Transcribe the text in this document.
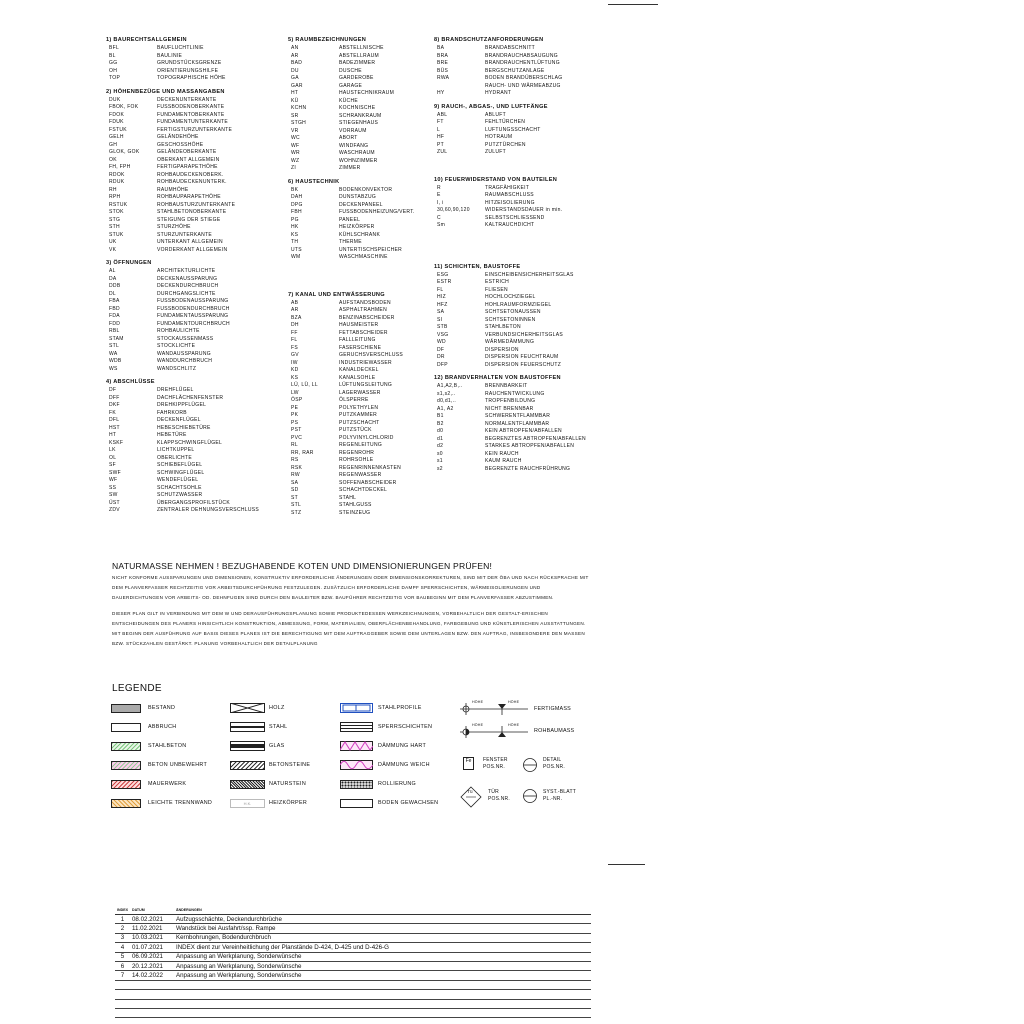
1) BAURECHTSALLGEMEIN
BFL	BAUFLUCHTLINIE
BL	BAULINIE
GG	GRUNDSTÜCKSGRENZE
OH	ORIENTIERUNGSHILFE
TOP	TOPOGRAPHISCHE HÖHE
2) HÖHENBEZÜGE UND MASSANGABEN
DUK	DECKENUNTERKANTE
FBOK, FOK	FUSSBODENOBERKANTE
FDOK	FUNDAMENTOBERKANTE
FDUK	FUNDAMENTUNTERKANTE
FSTUK	FERTIGSTURZUNTERKANTE
GELH	GELÄNDEHÖHE
GH	GESCHOSSHÖHE
GLOK, GOK	GELÄNDEOBERKANTE
OK	OBERKANT ALLGEMEIN
FH, FPH	FERTIGPARAPETHÖHE
RDOK	ROHBAUDECKENOBERK.
RDUK	ROHBAUDECKENUNTERK.
RH	RAUMHÖHE
RPH	ROHBAUPARAPETHÖHE
RSTUK	ROHBAUSTURZUNTERKANTE
STOK	STAHLBETONOBERKANTE
STG	STEIGUNG DER STIEGE
STH	STURZHÖHE
STUK	STURZUNTERKANTE
UK	UNTERKANT ALLGEMEIN
VK	VORDERKANT ALLGEMEIN
3) ÖFFNUNGEN
AL	ARCHITEKTURLICHTE
DA	DECKENAUSSPARUNG
DDB	DECKENDURCHBRUCH
DL	DURCHGANGSLICHTE
FBA	FUSSBODENAUSSPARUNG
FBD	FUSSBODENDURCHBRUCH
FDA	FUNDAMENTAUSSPARUNG
FDD	FUNDAMENTDURCHBRUCH
RBL	ROHBAULICHTE
STAM	STOCKAUSSENMASS
STL	STOCKLICHTE
WA	WANDAUSSPARUNG
WDB	WANDDURCHBRUCH
WS	WANDSCHLITZ
4) ABSCHLÜSSE
DF	DREHFLÜGEL
DFF	DACHFLÄCHENFENSTER
DKF	DREHKIPPFLÜGEL
FK	FAHRKORB
DFL	DECKENFLÜGEL
HST	HEBESCHIEBETÜRE
HT	HEBETÜRE
KSKF	KLAPPSCHWINGFLÜGEL
LK	LICHTKUPPEL
OL	OBERLICHTE
SF	SCHIEBEFLÜGEL
SWF	SCHWINGFLÜGEL
WF	WENDEFLÜGEL
SS	SCHACHTSOHLE
SW	SCHUTZWASSER
ÜST	ÜBERGANGSPROFILSTÜCK
ZDV	ZENTRALER DEHNUNGSVERSCHLUSS
5) RAUMBEZEICHNUNGEN
AN	ABSTELLNISCHE
AR	ABSTELLRAUM
BAD	BADEZIMMER
DU	DUSCHE
GA	GARDEROBE
GAR	GARAGE
HT	HAUSTECHNIKRAUM
KÜ	KÜCHE
KCHN	KOCHNISCHE
SR	SCHRANKRAUM
STGH	STIEGENHAUS
VR	VORRAUM
WC	ABORT
WF	WINDFANG
WR	WASCHRAUM
WZ	WOHNZIMMER
ZI	ZIMMER
6) HAUSTECHNIK
BK	BODENKONVEKTOR
DAH	DUNSTABZUG
DPG	DECKENPANEEL
FBH	FUSSBODENHEIZUNG/VERT.
PG	PANEEL
HK	HEIZKÖRPER
KS	KÜHLSCHRANK
TH	THERME
UTS	UNTERTISCHSPEICHER
WM	WASCHMASCHINE
7) KANAL UND ENTWÄSSERUNG
AB	AUFSTANDSBODEN
AR	ASPHALTRAHMEN
BZA	BENZINABSCHEIDER
DH	HAUSMEISTER
FF	FETTABSCHEIDER
FL	FALLLEITUNG
FS	FASERSCHIENE
GV	GERUCHSVERSCHLUSS
IW	INDUSTRIEWASSER
KD	KANALDECKEL
KS	KANALSOHLE
LÜ, LÜ, LL	LÜFTUNGSLEITUNG
LW	LAGERWASSER
ÖSP	ÖLSPERRE
PE	POLYETHYLEN
PK	PUTZKAMMER
PS	PUTZSCHACHT
PST	PUTZSTÜCK
PVC	POLYVINYLCHLORID
RL	REGENLEITUNG
RR, RAR	REGENROHR
RS	ROHRSOHLE
RSK	REGENRINNENKASTEN
RW	REGENWASSER
SA	SOFFENABSCHEIDER
SD	SCHACHTDECKEL
ST	STAHL
STL	STAHLGUSS
STZ	STEINZEUG
8) BRANDSCHUTZANFORDERUNGEN
BA	BRANDABSCHNITT
BRA	BRANDRAUCHABSAUGUNG
BRE	BRANDRAUCHENTLÜFTUNG
BÜS	BERGSCHUTZANLAGE
RWA	BODEN BRANDÜBERSCHLAG
	RAUCH- UND WÄRMEABZUG
HY	HYDRANT
9) RAUCH-, ABGAS-, UND LUFTFÄNGE
ABL	ABLUFT
FT	FEHLTÜRCHEN
L	LUFTUNGSSCHACHT
HF	HOTRAUM
PT	PUTZTÜRCHEN
ZUL	ZULUFT
10) FEUERWIDERSTAND VON BAUTEILEN
R	TRAGFÄHIGKEIT
E	RAUMABSCHLUSS
I, i	HITZEISOLIERUNG
30,60,90,120	WIDERSTANDSDAUER in min.
C	SELBSTSCHLIESSEND
Sm	KALTRAUCHDICHT
11) SCHICHTEN, BAUSTOFFE
ESG	EINSCHEIBENSICHERHEITSGLAS
ESTR	ESTRICH
FL	FLIESEN
HIZ	HOCHLOCHZIEGEL
HFZ	HOHLRAUMFORMZIEGEL
SA	SCHTSETONAUSSEN
SI	SCHTSETONINNEN
STB	STAHLBETON
VSG	VERBUNDSICHERHEITSGLAS
WD	WÄRMEDÄMMUNG
DF	DISPERSION
DR	DISPERSION FEUCHTRAUM
DFP	DISPERSION FEUERSCHUTZ
12) BRANDVERHALTEN VON BAUSTOFFEN
A1,A2,B,..	BRENNBARKEIT
s1,s2,..	RAUCHENTWICKLUNG
d0,d1,..	TROPFENBILDUNG

A1, A2	NICHT BRENNBAR
B1	SCHWERENTFLAMMBAR
B2	NORMALENTFLAMMBAR

d0	KEIN ABTROPFEN/ABFALLEN
d1	BEGRENZTES ABTROPFEN/ABFALLEN
d2	STARKES ABTROPFEN/ABFALLEN

s0	KEIN RAUCH
s1	KAUM RAUCH
s2	BEGRENZTE RAUCHFRÜHRUNG
NATURMASSE NEHMEN ! BEZUGHABENDE KOTEN UND DIMENSIONIERUNGEN PRÜFEN!

NICHT KONFORME AUSSPARUNGEN UND DIMENSIONEN, KONSTRUKTIV ERFORDERLICHE ÄNDERUNGEN ODER DIMENSIONSKORREKTUREN, SIND MIT DER ÖBA UND NACH RÜCKSPRACHE MIT DEM PLANVERFASSER RECHTZEITIG VOR ARBEITSDURCHFÜHRUNG FESTZULEGEN. ZUSÄTZLICH ERFORDERLICHE DAMPF SPERRSCHICHTEN, WÄRMEISOLIERUNGEN UND DAUERDICHTUNGEN VOR ARBEITS- OD. DEHNFUGEN SIND DURCH DEN BAULEITER BZW. BAUFÜHRER RECHTZEITIG VOR BAUBEGINN MIT DEM PLANVERFASSER ABZUSTIMMEN.

DIESER PLAN GILT IN VERBINDUNG MIT DEM W UND DERAUSFÜHRUNGSPLANUNG SOWIE PRODUKTEDESSEN WERKZEICHNUNGEN, VORBEHALTLICH DER GESTALT-ERISCHEN ENTSCHEIDUNGEN DES PLANERS HINSICHTLICH KONSTRUKTION, ABMESSUNG, FORM, MATERIALIEN, OBERFLÄCHENBEHANDLUNG, FARBGEBUNG UND KÜNSTLERISCHEN AUSSTATTUNGEN. MIT BEGINN DER AUSFÜHRUNG AUF BASIS DIESES PLANES IST DIE BERECHTIGUNG MIT DEM AUFTRAGGEBER SOWIE DEM UNTERLAGEN BZW. DEN AUFTRAG, INSBESONDERE DEN MASSEN BZW. STÜCKZAHLEN GESTÄRKT. PLANUNG VORBEHALTLICH DER DETAILPLANUNG

LEGENDE
BESTAND
ABBRUCH
STAHLBETON
BETON UNBEWEHRT
MAUERWERK
LEICHTE TRENNWAND
HOLZ
STAHL
GLAS
BETONSTEINE
NATURSTEIN
H.K.	HEIZKÖRPER
STAHLPROFILE
SPERRSCHICHTEN
DÄMMUNG HART
DÄMMUNG WEICH
ROLLIERUNG
BODEN GEWACHSEN
HÖHE	HÖHE
FERTIGMASS
HÖHE	HÖHE
ROHBAUMASS
Fe	FENSTER
POS.NR.
DETAIL
POS.NR.
Tü	TÜR
POS.NR.
SYST.-BLATT
PL.-NR.
INDEX	DATUM	ÄNDERUNGEN
1	08.02.2021	Aufzugsschächte, Deckendurchbrüche
2	11.02.2021	Wandstück bei Ausfahrt/ssp. Rampe
3	10.03.2021	Kernbohrungen, Bodendurchbruch
4	01.07.2021	INDEX dient zur Vereinheitlichung der Planstände D-424, D-425 und D-426-G
5	06.09.2021	Anpassung an Werkplanung, Sonderwünsche
6	20.12.2021	Anpassung an Werkplanung, Sonderwünsche
7	14.02.2022	Anpassung an Werkplanung, Sonderwünsche
